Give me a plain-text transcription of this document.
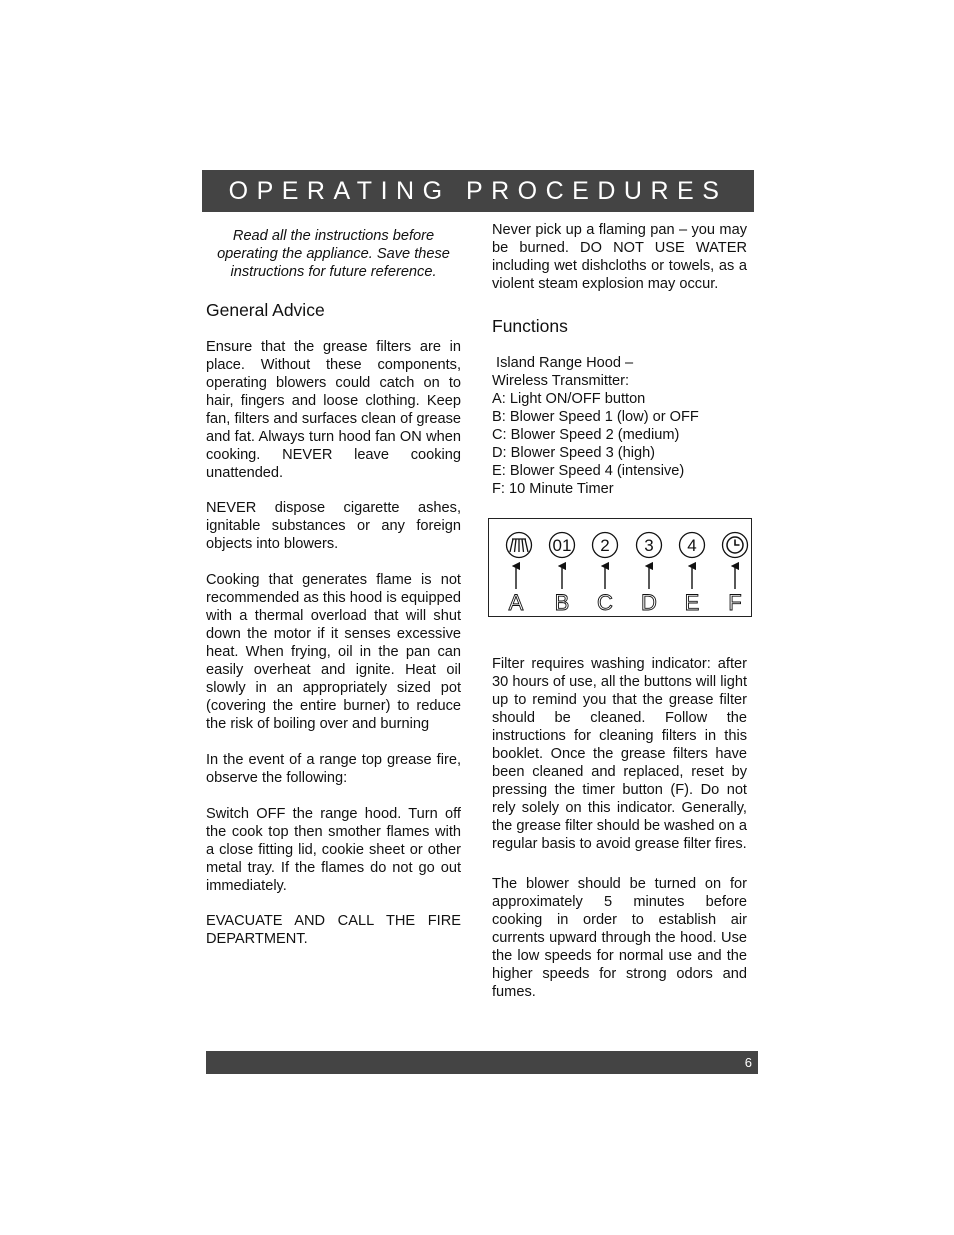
OPERATING PROCEDURES

Read all the instructions before operating the appliance. Save these instructions for future reference.

General Advice

Ensure that the grease filters are in place. Without these components, operating blowers could catch on to hair, fingers and loose clothing. Keep fan, filters and surfaces clean of grease and fat. Always turn hood fan ON when cooking. NEVER leave cooking unattended.

NEVER dispose cigarette ashes, ignitable substances or any foreign objects into blowers.

Cooking that generates flame is not recommended as this hood is equipped with a thermal overload that will shut down the motor if it senses excessive heat. When frying, oil in the pan can easily overheat and ignite. Heat oil slowly in an appropriately sized pot (covering the entire burner) to reduce the risk of boiling over and burning

In the event of a range top grease fire, observe the following:

Switch OFF the range hood. Turn off the cook top then smother flames with a close fitting lid, cookie sheet or other metal tray. If the flames do not go out immediately.

EVACUATE AND CALL THE FIRE DEPARTMENT.

Never pick up a flaming pan – you may be burned. DO NOT USE WATER including wet dishcloths or towels, as a violent steam explosion may occur.

Functions
Island Range Hood –
Wireless Transmitter:
A: Light ON/OFF button
B: Blower Speed 1 (low) or OFF
C: Blower Speed 2 (medium)
D: Blower Speed 3 (high)
E: Blower Speed 4 (intensive)
F: 10 Minute Timer
01 2 3 4
A B C D E F

Filter requires washing indicator: after 30 hours of use, all the buttons will light up to remind you that the grease filter should be cleaned. Follow the instructions for cleaning filters in this booklet. Once the grease filters have been cleaned and replaced, reset by pressing the timer button (F). Do not rely solely on this indicator. Generally, the grease filter should be washed on a regular basis to avoid grease filter fires.

The blower should be turned on for approximately 5 minutes before cooking in order to establish air currents upward through the hood. Use the low speeds for normal use and the higher speeds for strong odors and fumes.

6
